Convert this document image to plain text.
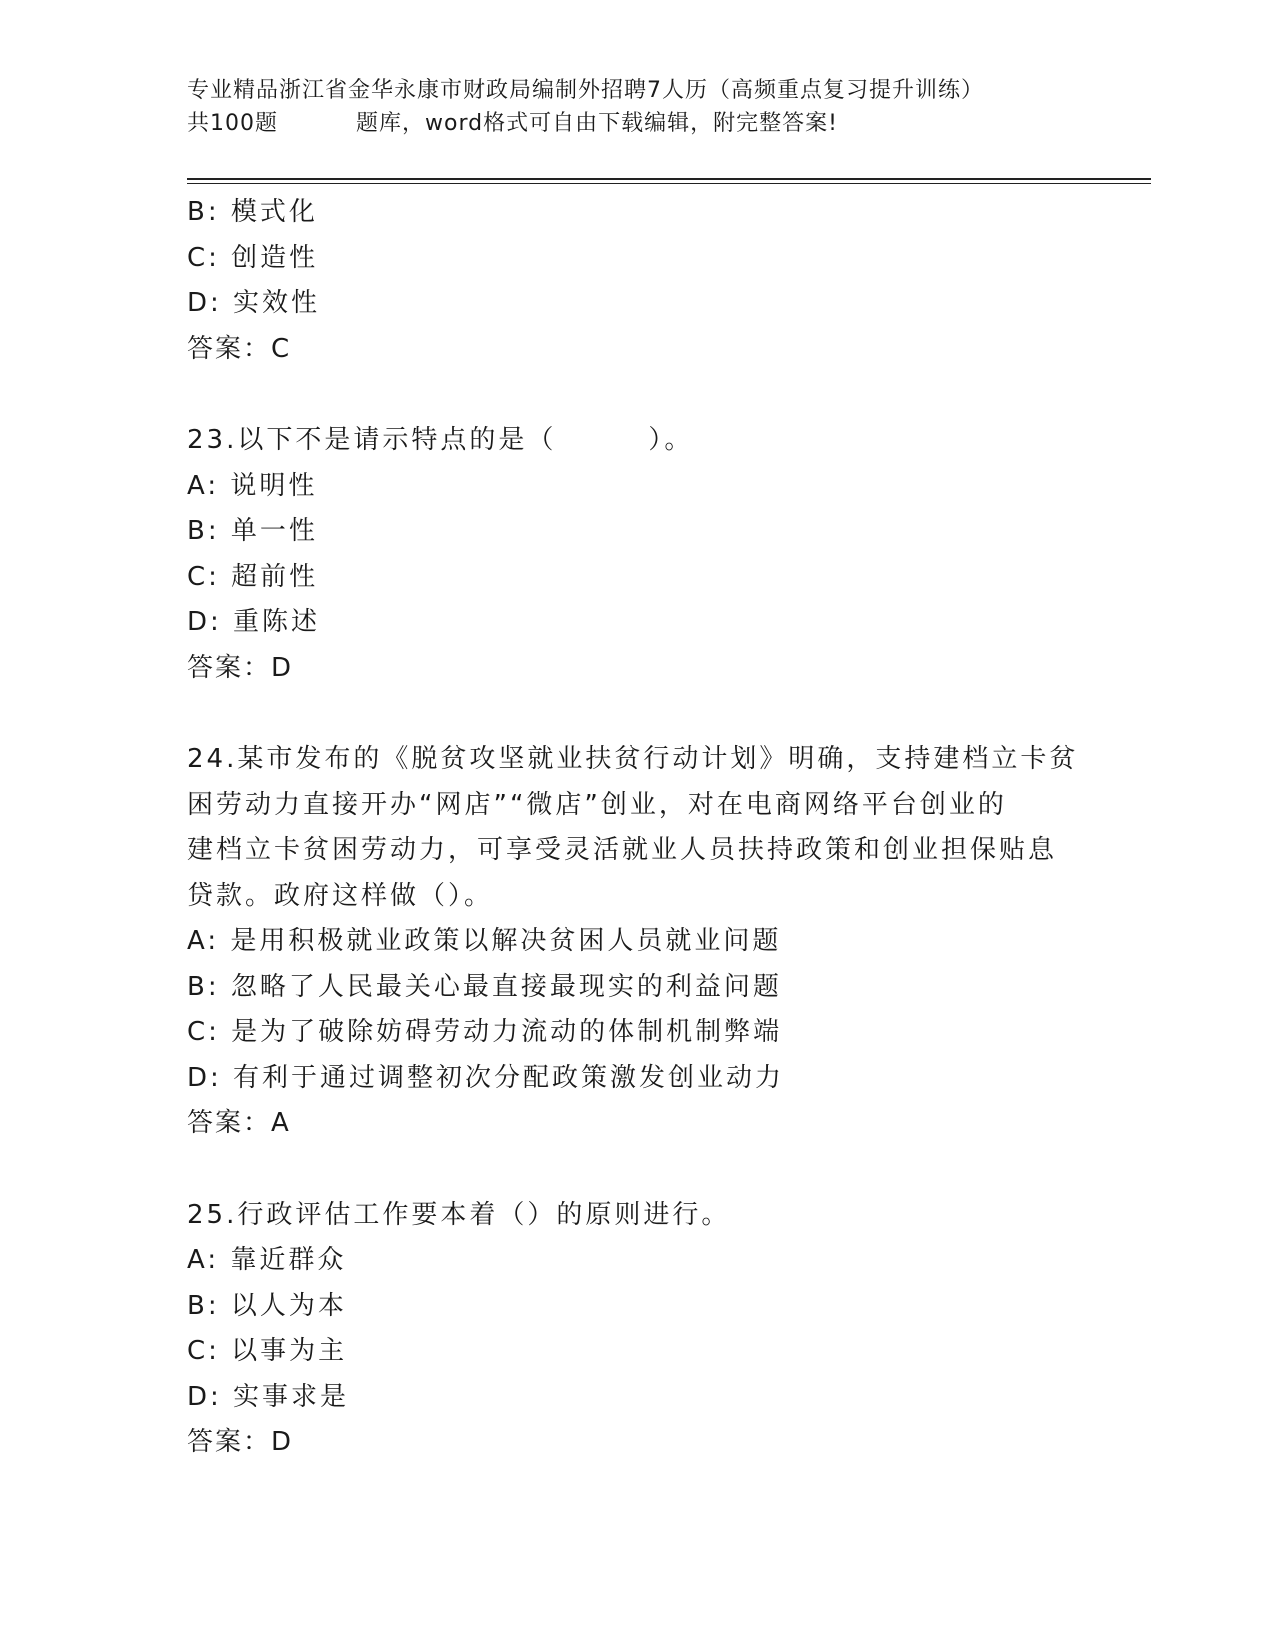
专业精品浙江省金华永康市财政局编制外招聘7人历（高频重点复习提升训练）
共100题	题库，word格式可自由下载编辑，附完整答案!
B: 模式化
C: 创造性
D: 实效性
答案：C
23.以下不是请示特点的是（	）。
A: 说明性
B: 单一性
C: 超前性
D: 重陈述
答案：D
24.某市发布的《脱贫攻坚就业扶贫行动计划》明确，支持建档立卡贫
困劳动力直接开办“网店”“微店”创业，对在电商网络平台创业的
建档立卡贫困劳动力，可享受灵活就业人员扶持政策和创业担保贴息
贷款。政府这样做（）。
A: 是用积极就业政策以解决贫困人员就业问题
B: 忽略了人民最关心最直接最现实的利益问题
C: 是为了破除妨碍劳动力流动的体制机制弊端
D: 有利于通过调整初次分配政策激发创业动力
答案：A
25.行政评估工作要本着（）的原则进行。
A: 靠近群众
B: 以人为本
C: 以事为主
D: 实事求是
答案：D
